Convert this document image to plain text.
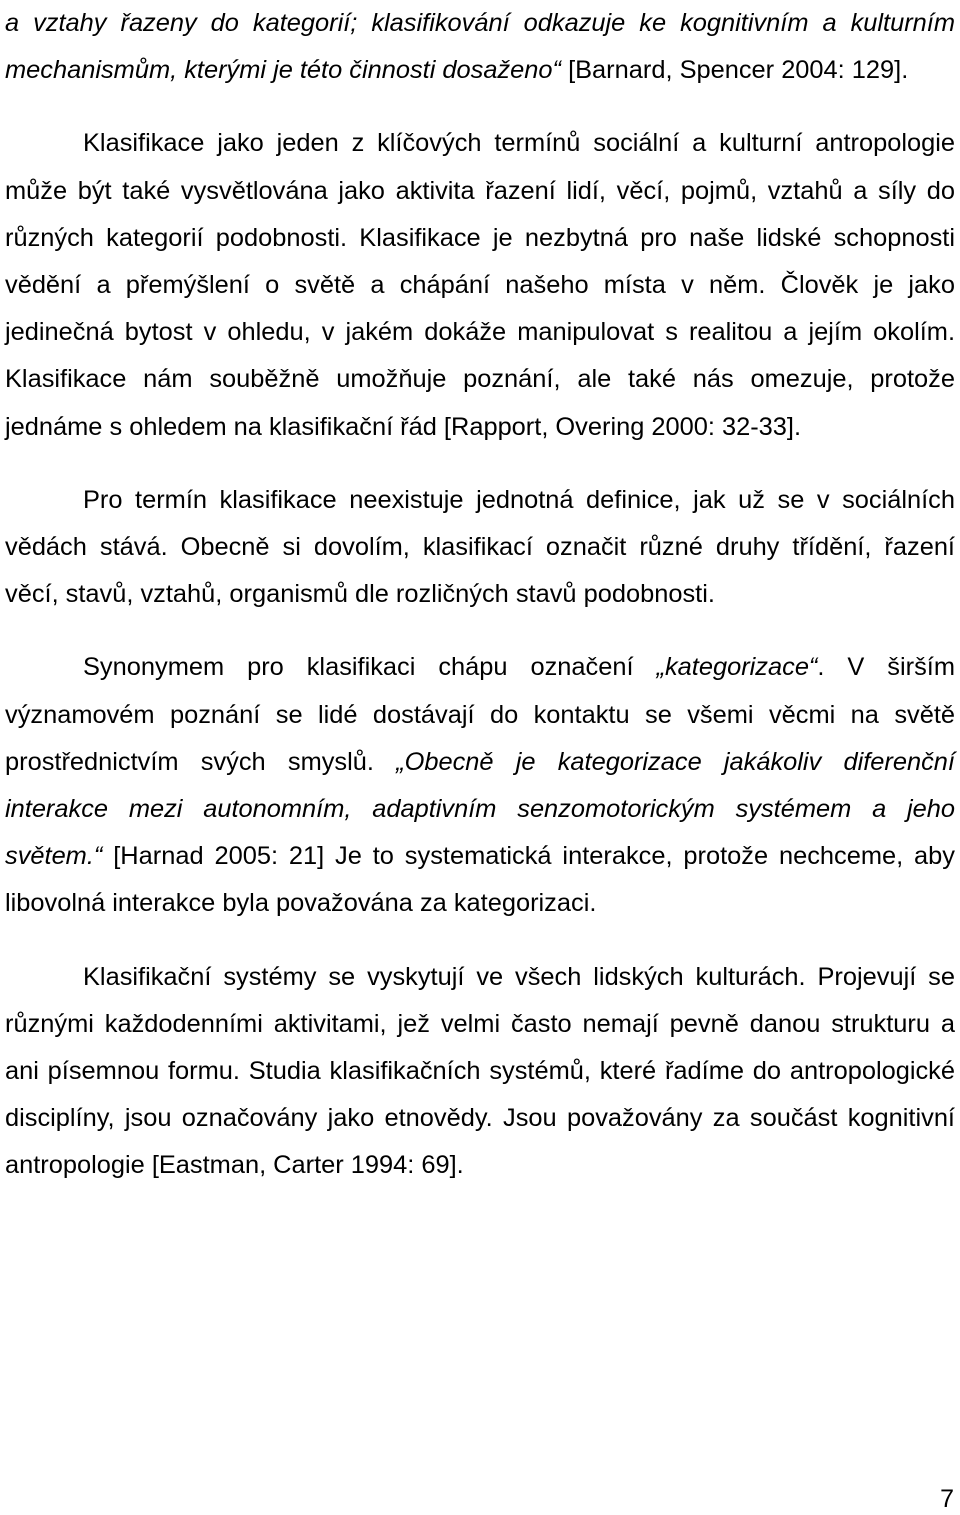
a vztahy řazeny do kategorií; klasifikování odkazuje ke kognitivním a kulturním mechanismům, kterými je této činnosti dosaženo“ [Barnard, Spencer 2004: 129].

Klasifikace jako jeden z klíčových termínů sociální a kulturní antropologie může být také vysvětlována jako aktivita řazení lidí, věcí, pojmů, vztahů a síly do různých kategorií podobnosti. Klasifikace je nezbytná pro naše lidské schopnosti vědění a přemýšlení o světě a chápání našeho místa v něm. Člověk je jako jedinečná bytost v ohledu, v jakém dokáže manipulovat s realitou a jejím okolím. Klasifikace nám souběžně umožňuje poznání, ale také nás omezuje, protože jednáme s ohledem na klasifikační řád [Rapport, Overing 2000: 32-33].

Pro termín klasifikace neexistuje jednotná definice, jak už se v sociálních vědách stává. Obecně si dovolím, klasifikací označit různé druhy třídění, řazení věcí, stavů, vztahů, organismů dle rozličných stavů podobnosti.

Synonymem pro klasifikaci chápu označení „kategorizace“. V širším významovém poznání se lidé dostávají do kontaktu se všemi věcmi na světě prostřednictvím svých smyslů. „Obecně je kategorizace jakákoliv diferenční interakce mezi autonomním, adaptivním senzomotorickým systémem a jeho světem.“ [Harnad 2005: 21] Je to systematická interakce, protože nechceme, aby libovolná interakce byla považována za kategorizaci.

Klasifikační systémy se vyskytují ve všech lidských kulturách. Projevují se různými každodenními aktivitami, jež velmi často nemají pevně danou strukturu a ani písemnou formu. Studia klasifikačních systémů, které řadíme do antropologické disciplíny, jsou označovány jako etnovědy. Jsou považovány za součást kognitivní antropologie [Eastman, Carter 1994: 69].

7
